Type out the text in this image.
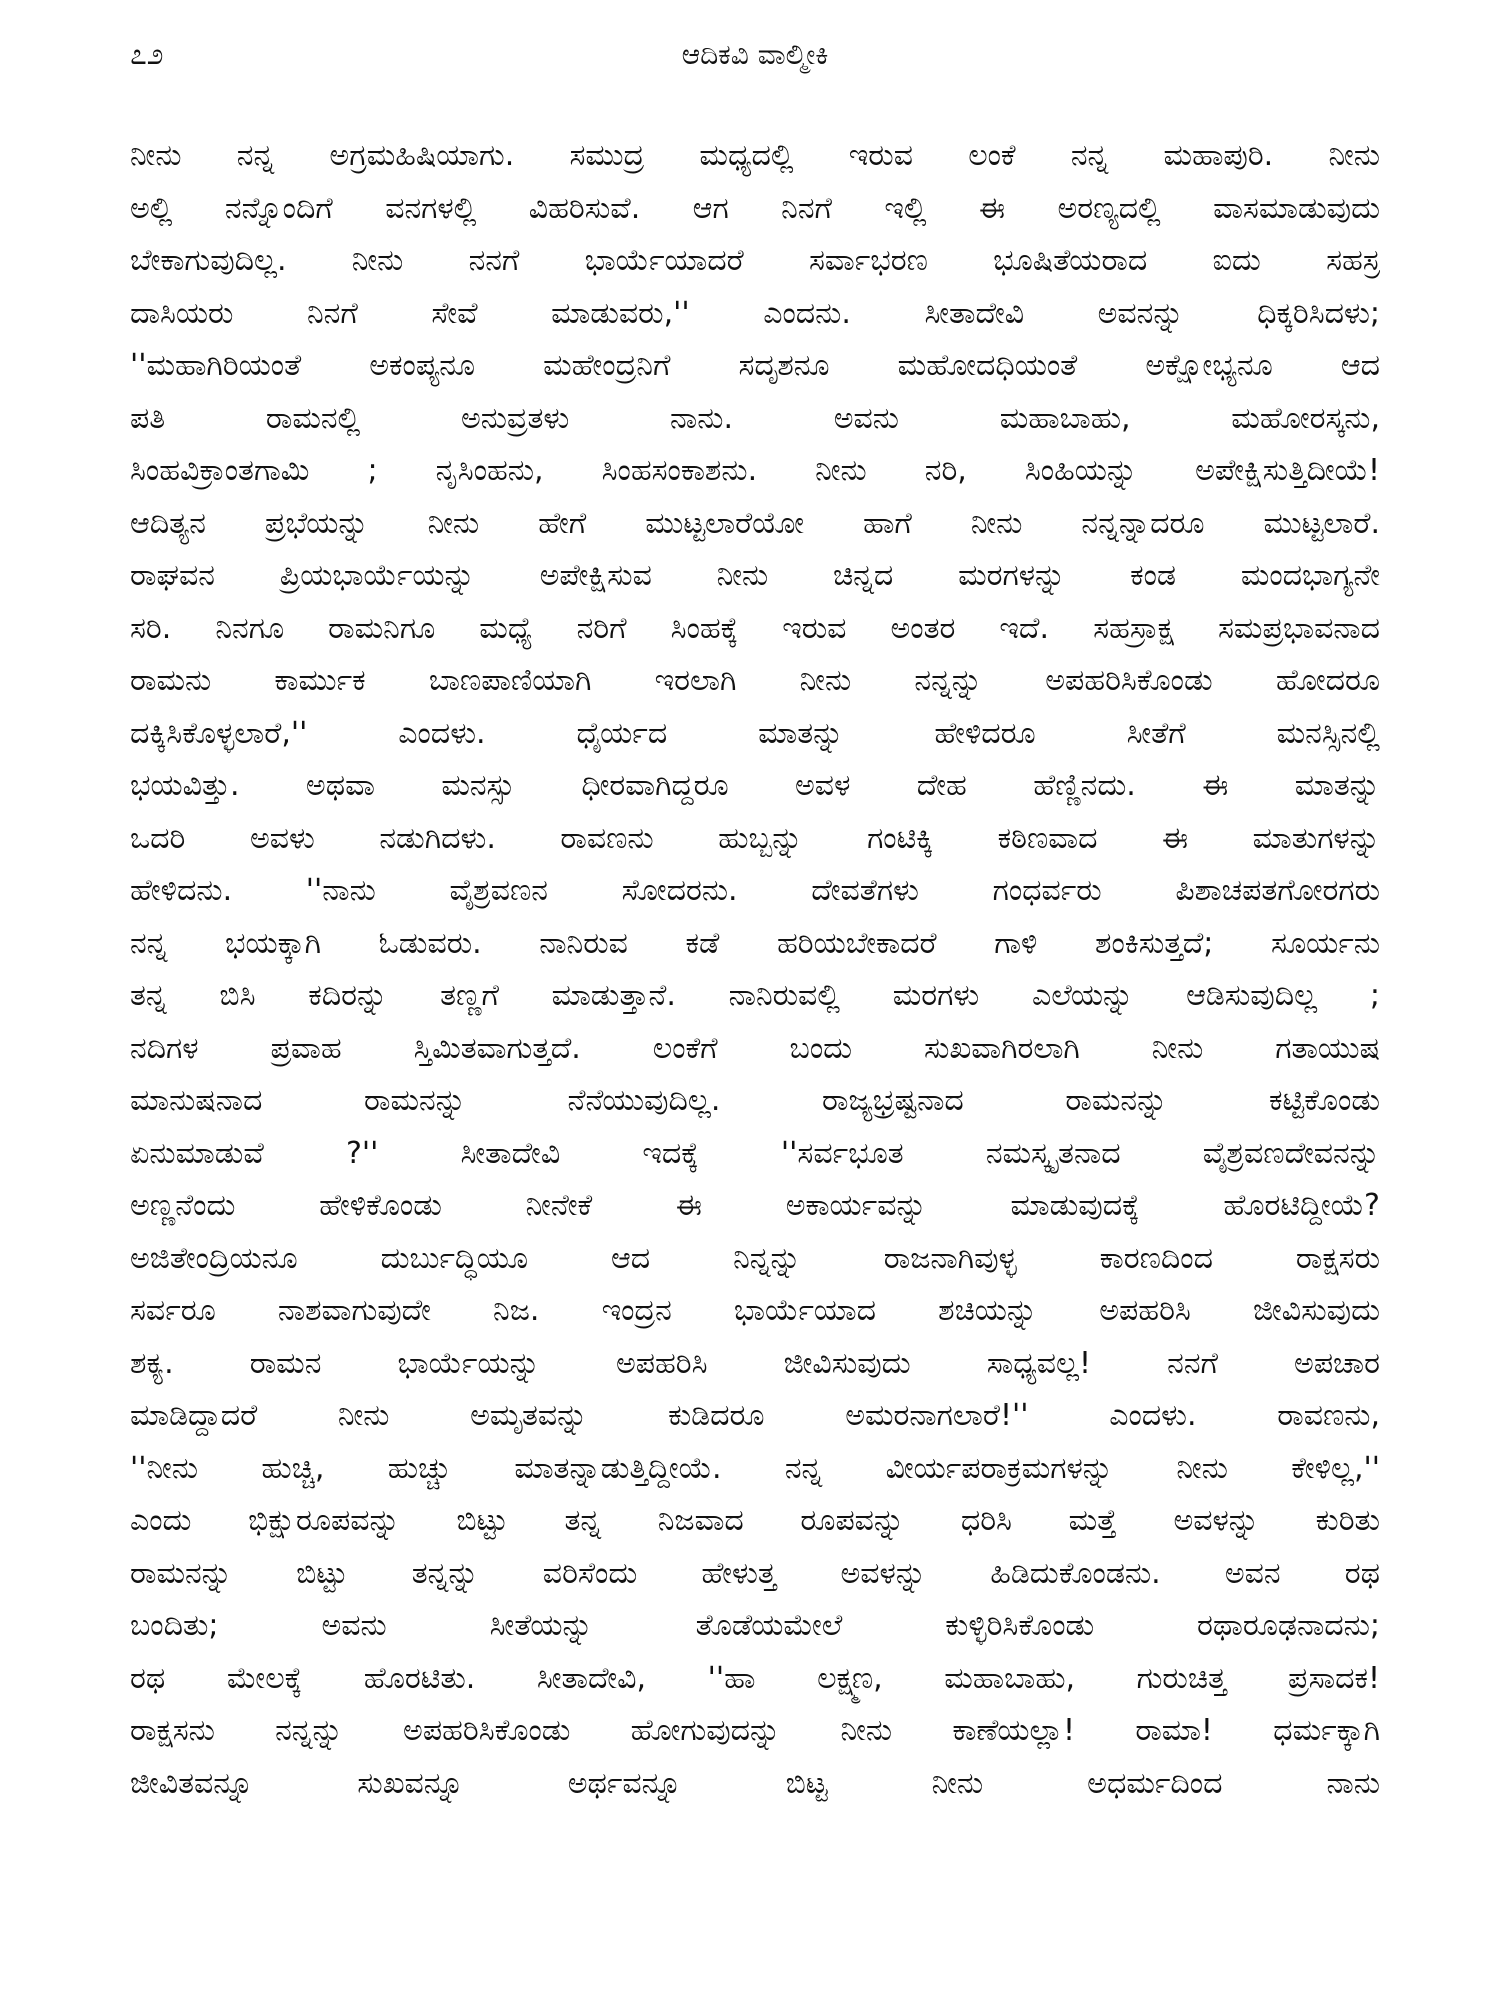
೭೨	ಆದಿಕವಿ ವಾಲ್ಮೀಕಿ
ನೀನು ನನ್ನ ಅಗ್ರಮಹಿಷಿಯಾಗು. ಸಮುದ್ರ ಮಧ್ಯದಲ್ಲಿ ಇರುವ ಲಂಕೆ ನನ್ನ ಮಹಾಪುರಿ. ನೀನು
ಅಲ್ಲಿ ನನ್ನೊಂದಿಗೆ ವನಗಳಲ್ಲಿ ವಿಹರಿಸುವೆ. ಆಗ ನಿನಗೆ ಇಲ್ಲಿ ಈ ಅರಣ್ಯದಲ್ಲಿ ವಾಸಮಾಡುವುದು
ಬೇಕಾಗುವುದಿಲ್ಲ. ನೀನು ನನಗೆ ಭಾರ್ಯೆಯಾದರೆ ಸರ್ವಾಭರಣ ಭೂಷಿತೆಯರಾದ ಐದು ಸಹಸ್ರ
ದಾಸಿಯರು ನಿನಗೆ ಸೇವೆ ಮಾಡುವರು,'' ಎಂದನು. ಸೀತಾದೇವಿ ಅವನನ್ನು ಧಿಕ್ಕರಿಸಿದಳು;
''ಮಹಾಗಿರಿಯಂತೆ ಅಕಂಪ್ಯನೂ ಮಹೇಂದ್ರನಿಗೆ ಸದೃಶನೂ ಮಹೋದಧಿಯಂತೆ ಅಕ್ಷೋಭ್ಯನೂ ಆದ
ಪತಿ ರಾಮನಲ್ಲಿ ಅನುವ್ರತಳು ನಾನು. ಅವನು ಮಹಾಬಾಹು, ಮಹೋರಸ್ಕನು,
ಸಿಂಹವಿಕ್ರಾಂತಗಾಮಿ ; ನೃಸಿಂಹನು, ಸಿಂಹಸಂಕಾಶನು. ನೀನು ನರಿ, ಸಿಂಹಿಯನ್ನು ಅಪೇಕ್ಷಿಸುತ್ತಿದೀಯೆ!
ಆದಿತ್ಯನ ಪ್ರಭೆಯನ್ನು ನೀನು ಹೇಗೆ ಮುಟ್ಟಲಾರೆಯೋ ಹಾಗೆ ನೀನು ನನ್ನನ್ನಾದರೂ ಮುಟ್ಟಲಾರೆ.
ರಾಘವನ ಪ್ರಿಯಭಾರ್ಯೆಯನ್ನು ಅಪೇಕ್ಷಿಸುವ ನೀನು ಚಿನ್ನದ ಮರಗಳನ್ನು ಕಂಡ ಮಂದಭಾಗ್ಯನೇ
ಸರಿ. ನಿನಗೂ ರಾಮನಿಗೂ ಮಧ್ಯೆ ನರಿಗೆ ಸಿಂಹಕ್ಕೆ ಇರುವ ಅಂತರ ಇದೆ. ಸಹಸ್ರಾಕ್ಷ ಸಮಪ್ರಭಾವನಾದ
ರಾಮನು ಕಾರ್ಮುಕ ಬಾಣಪಾಣಿಯಾಗಿ ಇರಲಾಗಿ ನೀನು ನನ್ನನ್ನು ಅಪಹರಿಸಿಕೊಂಡು ಹೋದರೂ
ದಕ್ಕಿಸಿಕೊಳ್ಳಲಾರೆ,'' ಎಂದಳು. ಧೈರ್ಯದ ಮಾತನ್ನು ಹೇಳಿದರೂ ಸೀತೆಗೆ ಮನಸ್ಸಿನಲ್ಲಿ
ಭಯವಿತ್ತು. ಅಥವಾ ಮನಸ್ಸು ಧೀರವಾಗಿದ್ದರೂ ಅವಳ ದೇಹ ಹೆಣ್ಣಿನದು. ಈ ಮಾತನ್ನು
ಒದರಿ ಅವಳು ನಡುಗಿದಳು. ರಾವಣನು ಹುಬ್ಬನ್ನು ಗಂಟಿಕ್ಕಿ ಕಠಿಣವಾದ ಈ ಮಾತುಗಳನ್ನು
ಹೇಳಿದನು. ''ನಾನು ವೈಶ್ರವಣನ ಸೋದರನು. ದೇವತೆಗಳು ಗಂಧರ್ವರು ಪಿಶಾಚಪತಗೋರಗರು
ನನ್ನ ಭಯಕ್ಕಾಗಿ ಓಡುವರು. ನಾನಿರುವ ಕಡೆ ಹರಿಯಬೇಕಾದರೆ ಗಾಳಿ ಶಂಕಿಸುತ್ತದೆ; ಸೂರ್ಯನು
ತನ್ನ ಬಿಸಿ ಕದಿರನ್ನು ತಣ್ಣಗೆ ಮಾಡುತ್ತಾನೆ. ನಾನಿರುವಲ್ಲಿ ಮರಗಳು ಎಲೆಯನ್ನು ಆಡಿಸುವುದಿಲ್ಲ ;
ನದಿಗಳ ಪ್ರವಾಹ ಸ್ತಿಮಿತವಾಗುತ್ತದೆ. ಲಂಕೆಗೆ ಬಂದು ಸುಖವಾಗಿರಲಾಗಿ ನೀನು ಗತಾಯುಷ
ಮಾನುಷನಾದ ರಾಮನನ್ನು ನೆನೆಯುವುದಿಲ್ಲ. ರಾಜ್ಯಭ್ರಷ್ಟನಾದ ರಾಮನನ್ನು ಕಟ್ಟಿಕೊಂಡು
ಏನುಮಾಡುವೆ ?'' ಸೀತಾದೇವಿ ಇದಕ್ಕೆ ''ಸರ್ವಭೂತ ನಮಸ್ಕೃತನಾದ ವೈಶ್ರವಣದೇವನನ್ನು
ಅಣ್ಣನೆಂದು ಹೇಳಿಕೊಂಡು ನೀನೇಕೆ ಈ ಅಕಾರ್ಯವನ್ನು ಮಾಡುವುದಕ್ಕೆ ಹೊರಟಿದ್ದೀಯೆ?
ಅಜಿತೇಂದ್ರಿಯನೂ ದುರ್ಬುದ್ಧಿಯೂ ಆದ ನಿನ್ನನ್ನು ರಾಜನಾಗಿವುಳ್ಳ ಕಾರಣದಿಂದ ರಾಕ್ಷಸರು
ಸರ್ವರೂ ನಾಶವಾಗುವುದೇ ನಿಜ. ಇಂದ್ರನ ಭಾರ್ಯೆಯಾದ ಶಚಿಯನ್ನು ಅಪಹರಿಸಿ ಜೀವಿಸುವುದು
ಶಕ್ಯ. ರಾಮನ ಭಾರ್ಯೆಯನ್ನು ಅಪಹರಿಸಿ ಜೀವಿಸುವುದು ಸಾಧ್ಯವಲ್ಲ! ನನಗೆ ಅಪಚಾರ
ಮಾಡಿದ್ದಾದರೆ ನೀನು ಅಮೃತವನ್ನು ಕುಡಿದರೂ ಅಮರನಾಗಲಾರೆ!'' ಎಂದಳು. ರಾವಣನು,
''ನೀನು ಹುಚ್ಚಿ, ಹುಚ್ಚು ಮಾತನ್ನಾಡುತ್ತಿದ್ದೀಯೆ. ನನ್ನ ವೀರ್ಯಪರಾಕ್ರಮಗಳನ್ನು ನೀನು ಕೇಳಿಲ್ಲ,''
ಎಂದು ಭಿಕ್ಷುರೂಪವನ್ನು ಬಿಟ್ಟು ತನ್ನ ನಿಜವಾದ ರೂಪವನ್ನು ಧರಿಸಿ ಮತ್ತೆ ಅವಳನ್ನು ಕುರಿತು
ರಾಮನನ್ನು ಬಿಟ್ಟು ತನ್ನನ್ನು ವರಿಸೆಂದು ಹೇಳುತ್ತ ಅವಳನ್ನು ಹಿಡಿದುಕೊಂಡನು. ಅವನ ರಥ
ಬಂದಿತು; ಅವನು ಸೀತೆಯನ್ನು ತೊಡೆಯಮೇಲೆ ಕುಳ್ಳಿರಿಸಿಕೊಂಡು ರಥಾರೂಢನಾದನು;
ರಥ ಮೇಲಕ್ಕೆ ಹೊರಟಿತು. ಸೀತಾದೇವಿ, ''ಹಾ ಲಕ್ಷ್ಮಣ, ಮಹಾಬಾಹು, ಗುರುಚಿತ್ತ ಪ್ರಸಾದಕ!
ರಾಕ್ಷಸನು ನನ್ನನ್ನು ಅಪಹರಿಸಿಕೊಂಡು ಹೋಗುವುದನ್ನು ನೀನು ಕಾಣೆಯಲ್ಲಾ! ರಾಮಾ! ಧರ್ಮಕ್ಕಾಗಿ
ಜೀವಿತವನ್ನೂ ಸುಖವನ್ನೂ ಅರ್ಥವನ್ನೂ ಬಿಟ್ಟ ನೀನು ಅಧರ್ಮದಿಂದ ನಾನು
